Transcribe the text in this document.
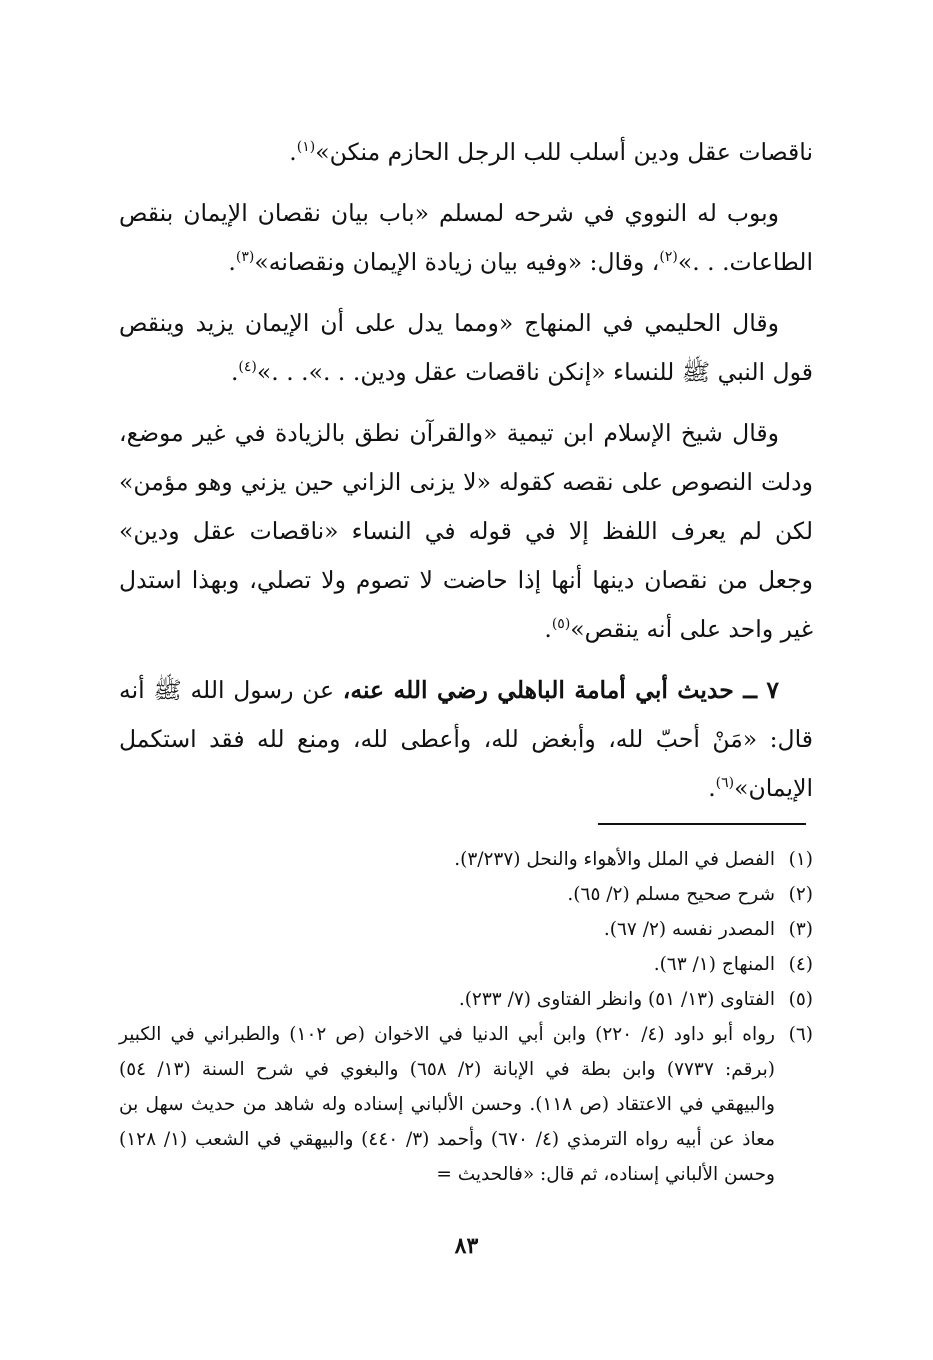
ناقصات عقل ودين أسلب للب الرجل الحازم منكن»$^{(١)}$.

وبوب له النووي في شرحه لمسلم «باب بيان نقصان الإيمان بنقص الطاعات. . .»$^{(٢)}$، وقال: «وفيه بيان زيادة الإيمان ونقصانه»$^{(٣)}$.

وقال الحليمي في المنهاج «ومما يدل على أن الإيمان يزيد وينقص قول النبي ﷺ للنساء «إنكن ناقصات عقل ودين. . .». . .»$^{(٤)}$.

وقال شيخ الإسلام ابن تيمية «والقرآن نطق بالزيادة في غير موضع، ودلت النصوص على نقصه كقوله «لا يزنى الزاني حين يزني وهو مؤمن» لكن لم يعرف اللفظ إلا في قوله في النساء «ناقصات عقل ودين» وجعل من نقصان دينها أنها إذا حاضت لا تصوم ولا تصلي، وبهذا استدل غير واحد على أنه ينقص»$^{(٥)}$.

٧ ــ حديث أبي أمامة الباهلي رضي الله عنه، عن رسول الله ﷺ أنه قال: «مَنْ أحبّ لله، وأبغض لله، وأعطى لله، ومنع لله فقد استكمل الإيمان»$^{(٦)}$.

(١)
الفصل في الملل والأهواء والنحل (٣/٢٣٧).
(٢)
شرح صحيح مسلم (٢/ ٦٥).
(٣)
المصدر نفسه (٢/ ٦٧).
(٤)
المنهاج (١/ ٦٣).
(٥)
الفتاوى (١٣/ ٥١) وانظر الفتاوى (٧/ ٢٣٣).
(٦)
رواه أبو داود (٤/ ٢٢٠) وابن أبي الدنيا في الاخوان (ص ١٠٢) والطبراني في الكبير (برقم: ٧٧٣٧) وابن بطة في الإبانة (٢/ ٦٥٨) والبغوي في شرح السنة (١٣/ ٥٤) والبيهقي في الاعتقاد (ص ١١٨). وحسن الألباني إسناده وله شاهد من حديث سهل بن معاذ عن أبيه رواه الترمذي (٤/ ٦٧٠) وأحمد (٣/ ٤٤٠) والبيهقي في الشعب (١/ ١٢٨) وحسن الألباني إسناده، ثم قال: «فالحديث =
٨٣
